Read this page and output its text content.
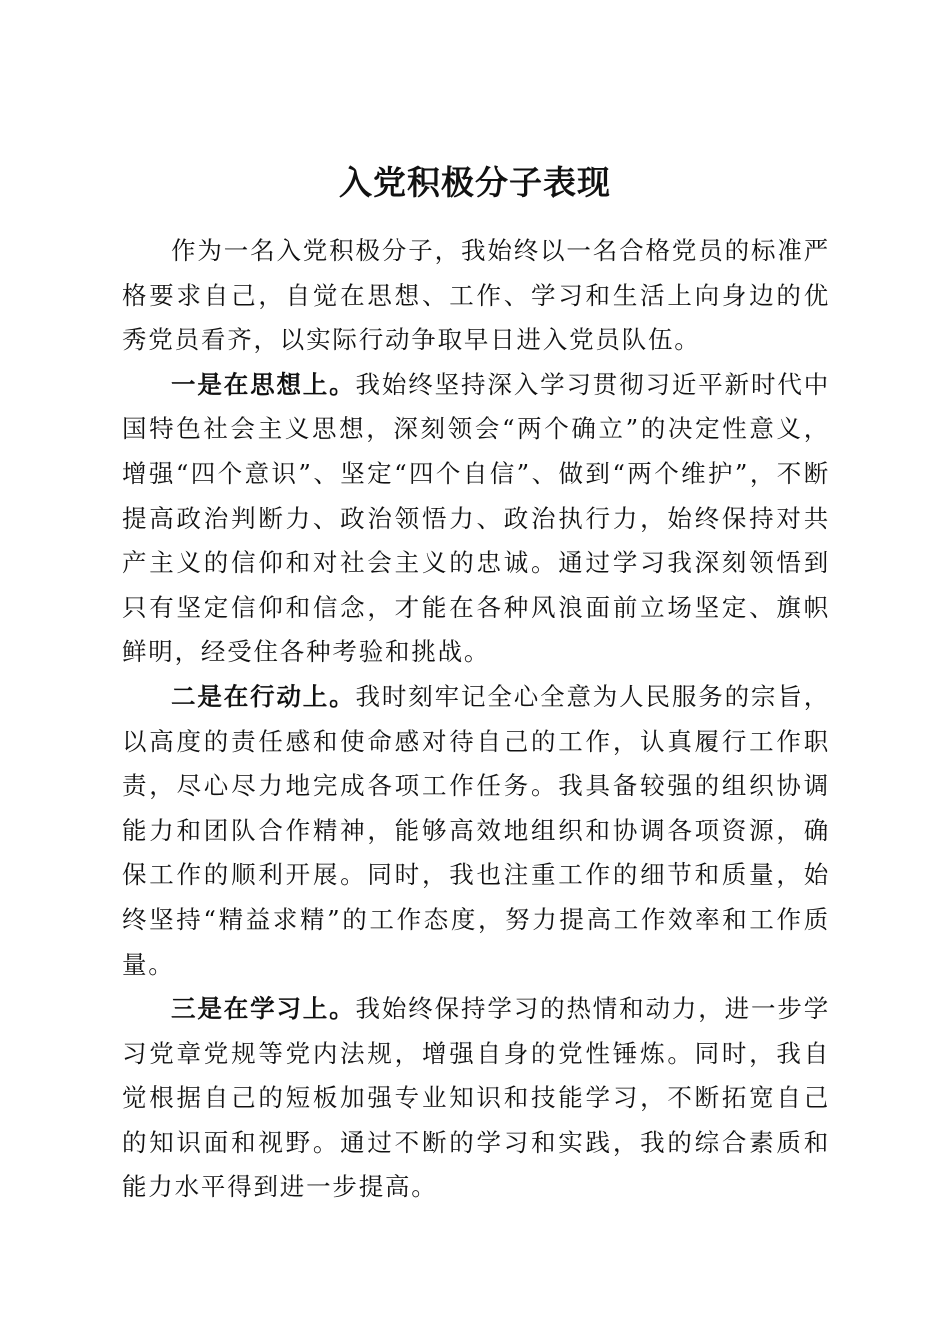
入党积极分子表现

作为一名入党积极分子，我始终以一名合格党员的标准严格要求自己，自觉在思想、工作、学习和生活上向身边的优秀党员看齐，以实际行动争取早日进入党员队伍。

一是在思想上。我始终坚持深入学习贯彻习近平新时代中国特色社会主义思想，深刻领会“两个确立”的决定性意义，增强“四个意识”、坚定“四个自信”、做到“两个维护”，不断提高政治判断力、政治领悟力、政治执行力，始终保持对共产主义的信仰和对社会主义的忠诚。通过学习我深刻领悟到只有坚定信仰和信念，才能在各种风浪面前立场坚定、旗帜鲜明，经受住各种考验和挑战。

二是在行动上。我时刻牢记全心全意为人民服务的宗旨，以高度的责任感和使命感对待自己的工作，认真履行工作职责，尽心尽力地完成各项工作任务。我具备较强的组织协调能力和团队合作精神，能够高效地组织和协调各项资源，确保工作的顺利开展。同时，我也注重工作的细节和质量，始终坚持“精益求精”的工作态度，努力提高工作效率和工作质量。

三是在学习上。我始终保持学习的热情和动力，进一步学习党章党规等党内法规，增强自身的党性锤炼。同时，我自觉根据自己的短板加强专业知识和技能学习，不断拓宽自己的知识面和视野。通过不断的学习和实践，我的综合素质和能力水平得到进一步提高。
